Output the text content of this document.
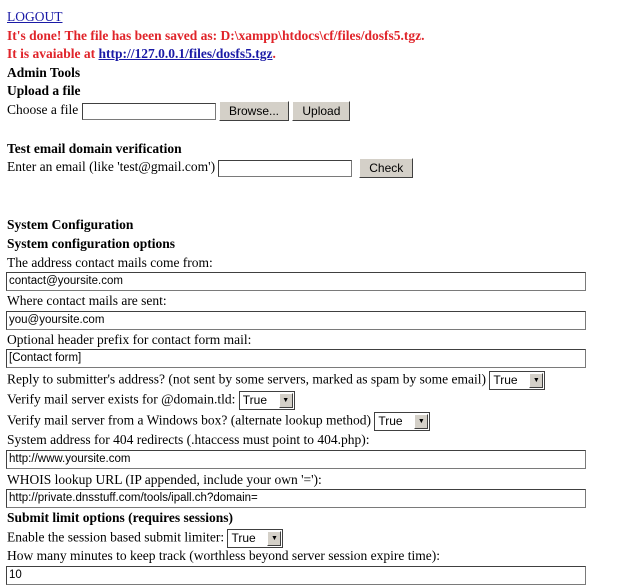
LOGOUT
It's done! The file has been saved as: D:\xampp\htdocs\cf/files/dosfs5.tgz.
It is avaiable at http://127.0.0.1/files/dosfs5.tgz.
Admin Tools
Upload a file
Choose a file	Browse... Upload
Test email domain verification
Enter an email (like 'test@gmail.com')	Check
System Configuration
System configuration options
The address contact mails come from:
contact@yoursite.com
Where contact mails are sent:
you@yoursite.com
Optional header prefix for contact form mail:
[Contact form]
Reply to submitter's address? (not sent by some servers, marked as spam by some email) True	▼
Verify mail server exists for @domain.tld: True	▼
Verify mail server from a Windows box? (alternate lookup method) True	▼
System address for 404 redirects (.htaccess must point to 404.php):
http://www.yoursite.com
WHOIS lookup URL (IP appended, include your own '='):
http://private.dnsstuff.com/tools/ipall.ch?domain=
Submit limit options (requires sessions)
Enable the session based submit limiter: True	▼
How many minutes to keep track (worthless beyond server session expire time):
10
